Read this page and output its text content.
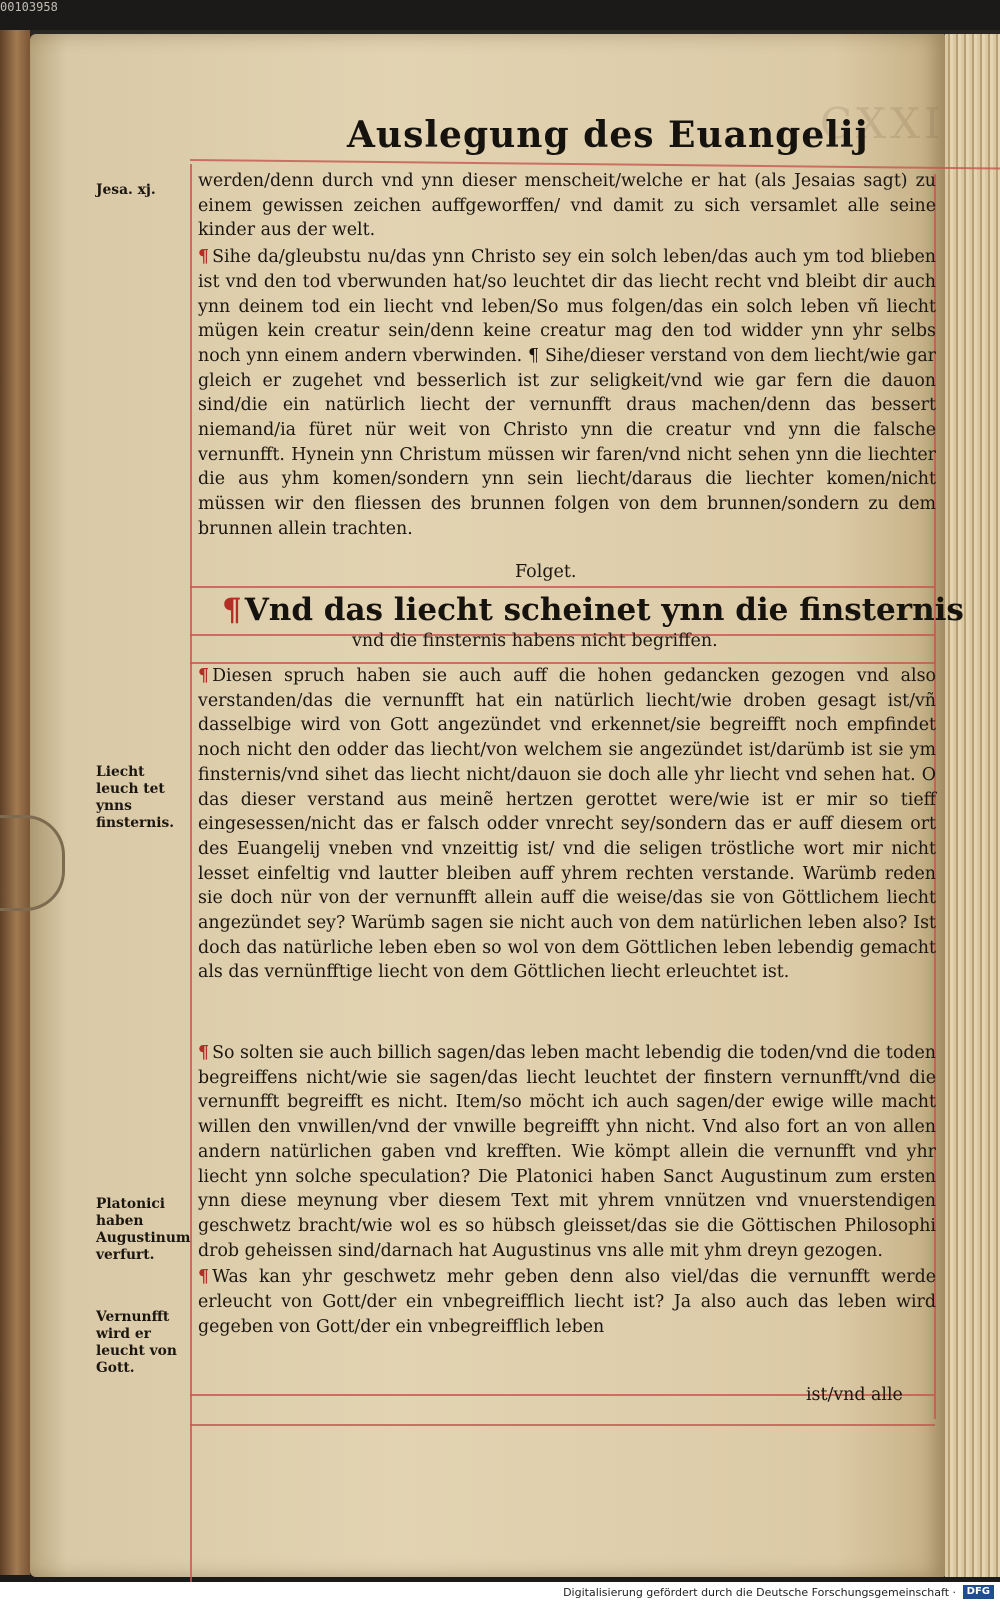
00103958
CXXI
Auslegung des Euangelij

Jesa. xj.

Liecht leuch tet ynns finsternis.

Platonici haben Augustinum verfurt.

Vernunfft wird er leucht von Gott.

werden/denn durch vnd ynn dieser menscheit/welche er hat (als Jesaias sagt) zu einem gewissen zeichen auffgeworffen/ vnd damit zu sich versamlet alle seine kinder aus der welt.

¶ Sihe da/gleubstu nu/das ynn Christo sey ein solch leben/das auch ym tod blieben ist vnd den tod vberwunden hat/so leuchtet dir das liecht recht vnd bleibt dir auch ynn deinem tod ein liecht vnd leben/So mus folgen/das ein solch leben vñ liecht mügen kein creatur sein/denn keine creatur mag den tod widder ynn yhr selbs noch ynn einem andern vberwinden. ¶ Sihe/dieser verstand von dem liecht/wie gar gleich er zugehet vnd besserlich ist zur seligkeit/vnd wie gar fern die dauon sind/die ein natürlich liecht der vernunfft draus machen/denn das bessert niemand/ia füret nür weit von Christo ynn die creatur vnd ynn die falsche vernunfft. Hynein ynn Christum müssen wir faren/vnd nicht sehen ynn die liechter die aus yhm komen/sondern ynn sein liecht/daraus die liechter komen/nicht müssen wir den fliessen des brunnen folgen von dem brunnen/sondern zu dem brunnen allein trachten.

Folget.

¶Vnd das liecht scheinet ynn die finsternis

vnd die finsternis habens nicht begriffen.

¶ Diesen spruch haben sie auch auff die hohen gedancken gezogen vnd also verstanden/das die vernunfft hat ein natürlich liecht/wie droben gesagt ist/vñ dasselbige wird von Gott angezündet vnd erkennet/sie begreifft noch empfindet noch nicht den odder das liecht/von welchem sie angezündet ist/darümb ist sie ym finsternis/vnd sihet das liecht nicht/dauon sie doch alle yhr liecht vnd sehen hat. O das dieser verstand aus meinẽ hertzen gerottet were/wie ist er mir so tieff eingesessen/nicht das er falsch odder vnrecht sey/sondern das er auff diesem ort des Euangelij vneben vnd vnzeittig ist/ vnd die seligen tröstliche wort mir nicht lesset einfeltig vnd lautter bleiben auff yhrem rechten verstande. Warümb reden sie doch nür von der vernunfft allein auff die weise/das sie von Göttlichem liecht angezündet sey? Warümb sagen sie nicht auch von dem natürlichen leben also? Ist doch das natürliche leben eben so wol von dem Göttlichen leben lebendig gemacht als das vernünfftige liecht von dem Göttlichen liecht erleuchtet ist.

¶ So solten sie auch billich sagen/das leben macht lebendig die toden/vnd die toden begreiffens nicht/wie sie sagen/das liecht leuchtet der finstern vernunfft/vnd die vernunfft begreifft es nicht. Item/so möcht ich auch sagen/der ewige wille macht willen den vnwillen/vnd der vnwille begreifft yhn nicht. Vnd also fort an von allen andern natürlichen gaben vnd krefften. Wie kömpt allein die vernunfft vnd yhr liecht ynn solche speculation? Die Platonici haben Sanct Augustinum zum ersten ynn diese meynung vber diesem Text mit yhrem vnnützen vnd vnuerstendigen geschwetz bracht/wie wol es so hübsch gleisset/das sie die Göttischen Philosophi drob geheissen sind/darnach hat Augustinus vns alle mit yhm dreyn gezogen.

¶ Was kan yhr geschwetz mehr geben denn also viel/das die vernunfft werde erleucht von Gott/der ein vnbegreifflich liecht ist? Ja also auch das leben wird gegeben von Gott/der ein vnbegreifflich leben

ist/vnd alle

Digitalisierung gefördert durch die Deutsche Forschungsgemeinschaft ·	DFG
